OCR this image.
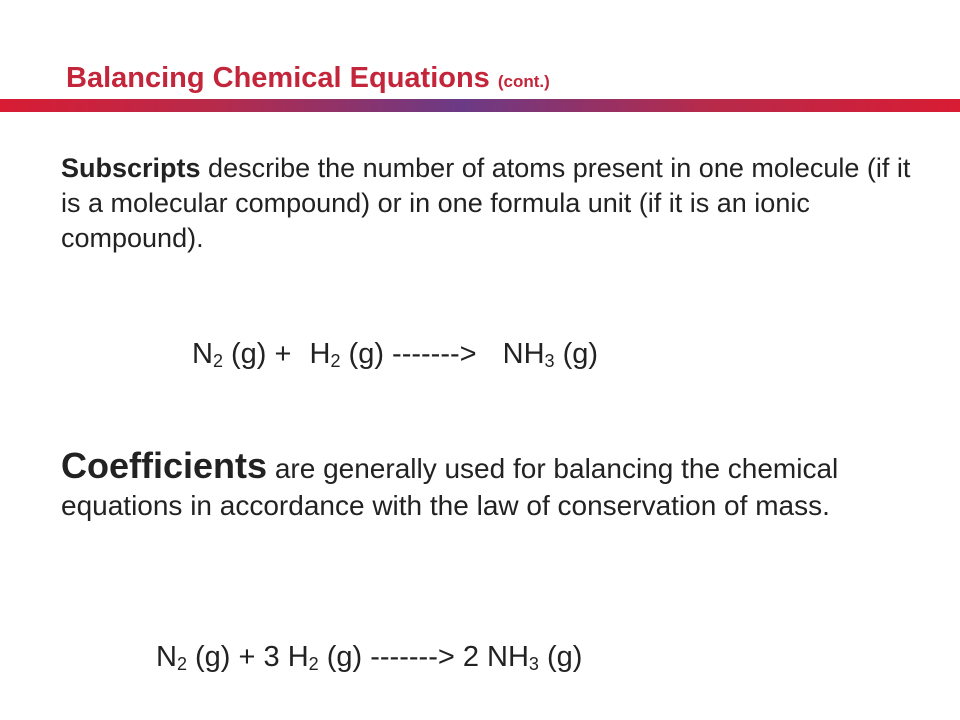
Balancing Chemical Equations (cont.)

Subscripts describe the number of atoms present in one molecule (if it is a molecular compound) or in one formula unit (if it is an ionic compound).

$N_2$ $(g) + H_2$ (g) -------> $NH_3$ (g)

Coefficients are generally used for balancing the chemical equations in accordance with the law of conservation of mass.

$N_2$ (g) + 3 $H_2$ (g) -------> 2 $NH_3$ (g)
